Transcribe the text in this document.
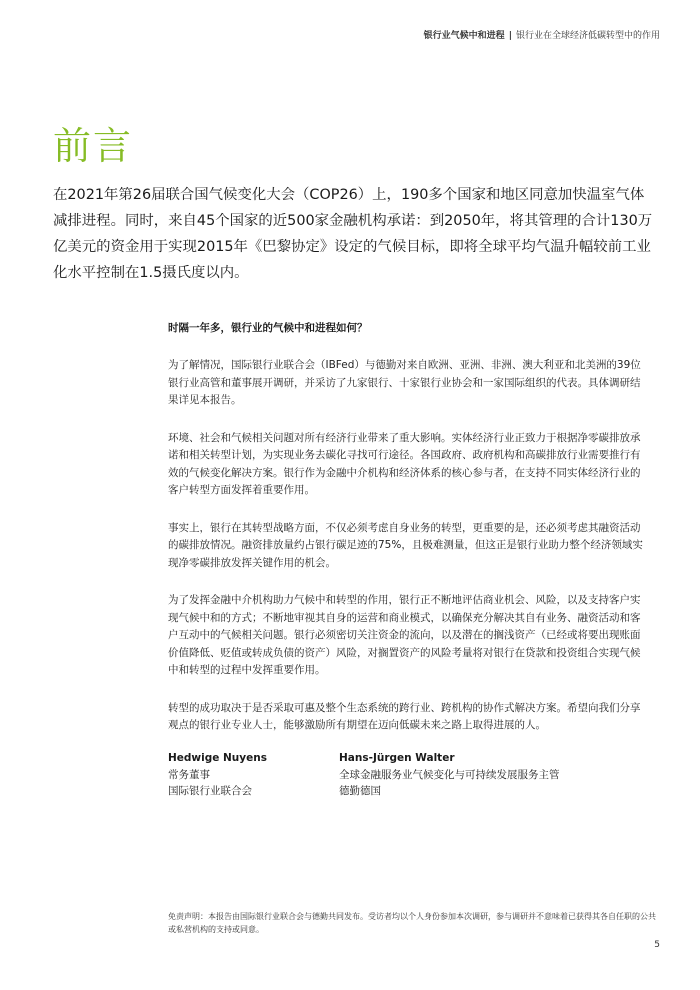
银行业气候中和进程 | 银行业在全球经济低碳转型中的作用
前言

在2021年第26届联合国气候变化大会（COP26）上，190多个国家和地区同意加快温室气体减排进程。同时，来自45个国家的近500家金融机构承诺：到2050年，将其管理的合计130万亿美元的资金用于实现2015年《巴黎协定》设定的气候目标，即将全球平均气温升幅较前工业化水平控制在1.5摄氏度以内。

时隔一年多，银行业的气候中和进程如何？

为了解情况，国际银行业联合会（IBFed）与德勤对来自欧洲、亚洲、非洲、澳大利亚和北美洲的39位银行业高管和董事展开调研，并采访了九家银行、十家银行业协会和一家国际组织的代表。具体调研结果详见本报告。

环境、社会和气候相关问题对所有经济行业带来了重大影响。实体经济行业正致力于根据净零碳排放承诺和相关转型计划，为实现业务去碳化寻找可行途径。各国政府、政府机构和高碳排放行业需要推行有效的气候变化解决方案。银行作为金融中介机构和经济体系的核心参与者，在支持不同实体经济行业的客户转型方面发挥着重要作用。

事实上，银行在其转型战略方面，不仅必须考虑自身业务的转型，更重要的是，还必须考虑其融资活动的碳排放情况。融资排放量约占银行碳足迹的75%，且极难测量，但这正是银行业助力整个经济领域实现净零碳排放发挥关键作用的机会。

为了发挥金融中介机构助力气候中和转型的作用，银行正不断地评估商业机会、风险，以及支持客户实现气候中和的方式；不断地审视其自身的运营和商业模式，以确保充分解决其自有业务、融资活动和客户互动中的气候相关问题。银行必须密切关注资金的流向，以及潜在的搁浅资产（已经或将要出现账面价值降低、贬值或转成负债的资产）风险，对搁置资产的风险考量将对银行在贷款和投资组合实现气候中和转型的过程中发挥重要作用。

转型的成功取决于是否采取可惠及整个生态系统的跨行业、跨机构的协作式解决方案。希望向我们分享观点的银行业专业人士，能够激励所有期望在迈向低碳未来之路上取得进展的人。

Hedwige Nuyens
常务董事
国际银行业联合会
Hans-Jürgen Walter
全球金融服务业气候变化与可持续发展服务主管
德勤德国

免责声明：本报告由国际银行业联合会与德勤共同发布。受访者均以个人身份参加本次调研，参与调研并不意味着已获得其各自任职的公共或私营机构的支持或同意。

5
